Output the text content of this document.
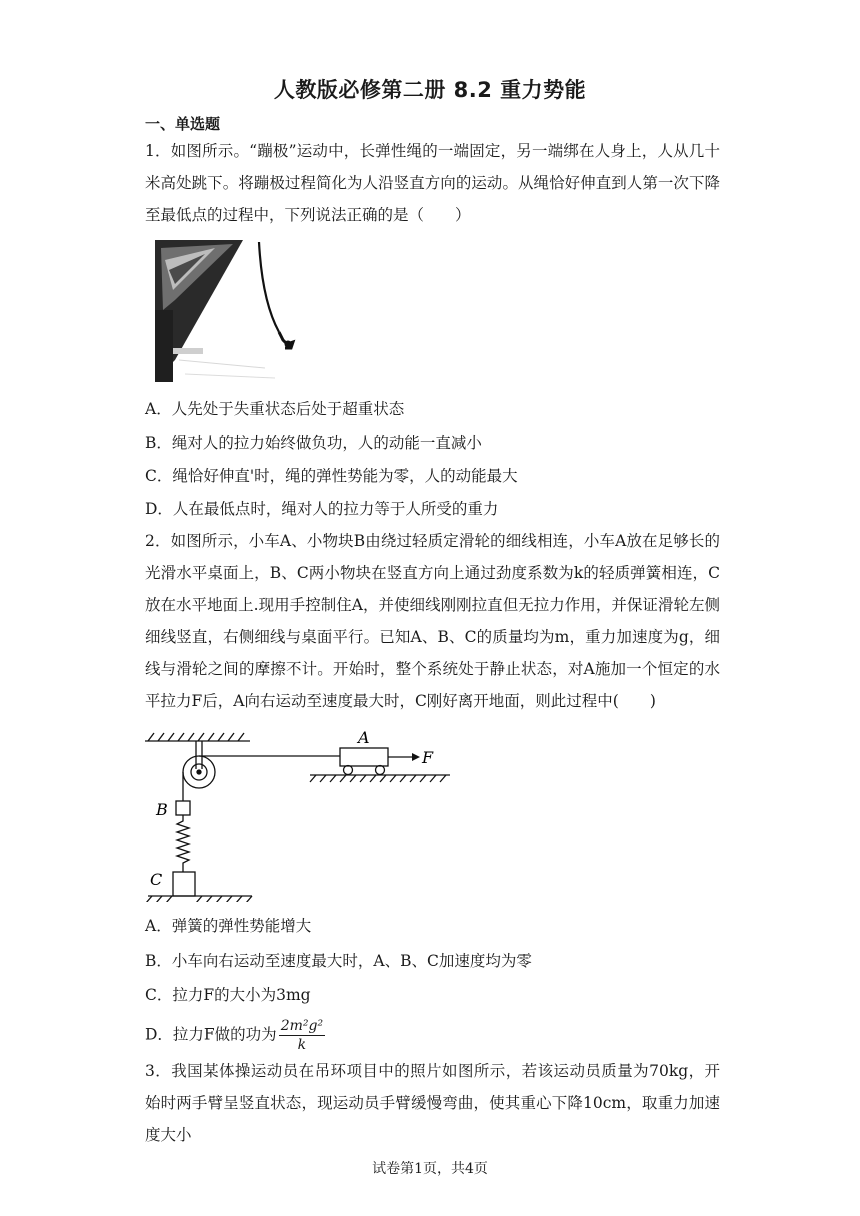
人教版必修第二册 8.2 重力势能
一、单选题
1．如图所示。“蹦极”运动中，长弹性绳的一端固定，另一端绑在人身上，人从几十米高处跳下。将蹦极过程简化为人沿竖直方向的运动。从绳恰好伸直到人第一次下降至最低点的过程中，下列说法正确的是（　　）
A．人先处于失重状态后处于超重状态
B．绳对人的拉力始终做负功，人的动能一直减小
C．绳恰好伸直'时，绳的弹性势能为零，人的动能最大
D．人在最低点时，绳对人的拉力等于人所受的重力
2．如图所示，小车A、小物块B由绕过轻质定滑轮的细线相连，小车A放在足够长的光滑水平桌面上，B、C两小物块在竖直方向上通过劲度系数为k的轻质弹簧相连，C放在水平地面上.现用手控制住A，并使细线刚刚拉直但无拉力作用，并保证滑轮左侧细线竖直，右侧细线与桌面平行。已知A、B、C的质量均为m，重力加速度为g，细线与滑轮之间的摩擦不计。开始时，整个系统处于静止状态，对A施加一个恒定的水平拉力F后，A向右运动至速度最大时，C刚好离开地面，则此过程中(　　)
A
F
B
C
A．弹簧的弹性势能增大
B．小车向右运动至速度最大时，A、B、C加速度均为零
C．拉力F的大小为3mg
D．拉力F做的功为 $\frac{\text{2m²g²}}{k}$
3．我国某体操运动员在吊环项目中的照片如图所示，若该运动员质量为70kg，开始时两手臂呈竖直状态，现运动员手臂缓慢弯曲，使其重心下降10cm，取重力加速度大小
试卷第1页，共4页
